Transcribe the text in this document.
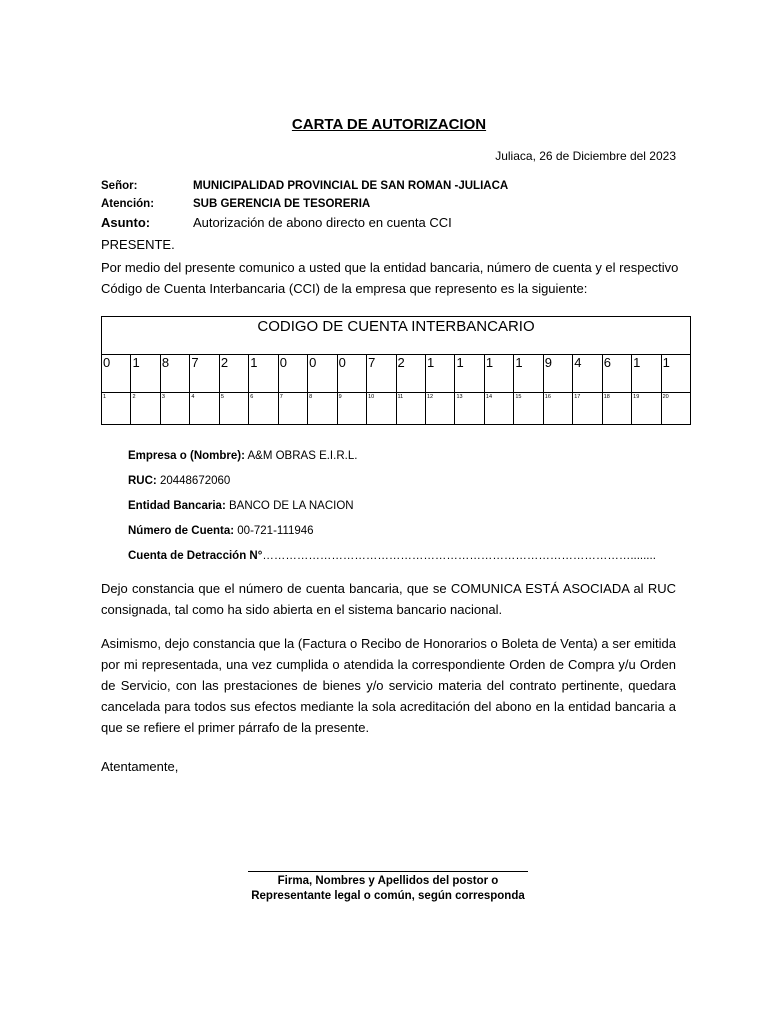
CARTA DE AUTORIZACION
Juliaca, 26 de Diciembre del 2023
Señor:	MUNICIPALIDAD PROVINCIAL DE SAN ROMAN -JULIACA
Atención:	SUB GERENCIA DE TESORERIA
Asunto:	Autorización de abono directo en cuenta CCI
PRESENTE.
Por medio del presente comunico a usted que la entidad bancaria, número de cuenta y el respectivo Código de Cuenta Interbancaria (CCI) de la empresa que represento es la siguiente:
CODIGO DE CUENTA INTERBANCARIO
0 1 8 7 2 1 0 0 0 7 2 1 1 1 1 9 4 6 1 1
1	2	3	4	5	6	7	8	9	10	11	12	13	14	15	16	17	18	19	20
Empresa o (Nombre): A&M OBRAS E.I.R.L.
RUC: 20448672060
Entidad Bancaria: BANCO DE LA NACION
Número de Cuenta: 00-721-111946
Cuenta de Detracción N°……………………………………………………………………………………........
Dejo constancia que el número de cuenta bancaria, que se COMUNICA ESTÁ ASOCIADA al RUC consignada, tal como ha sido abierta en el sistema bancario nacional.
Asimismo, dejo constancia que la (Factura o Recibo de Honorarios o Boleta de Venta) a ser emitida por mi representada, una vez cumplida o atendida la correspondiente Orden de Compra y/u Orden de Servicio, con las prestaciones de bienes y/o servicio materia del contrato pertinente, quedara cancelada para todos sus efectos mediante la sola acreditación del abono en la entidad bancaria a que se refiere el primer párrafo de la presente.
Atentamente,
Firma, Nombres y Apellidos del postor o
Representante legal o común, según corresponda
